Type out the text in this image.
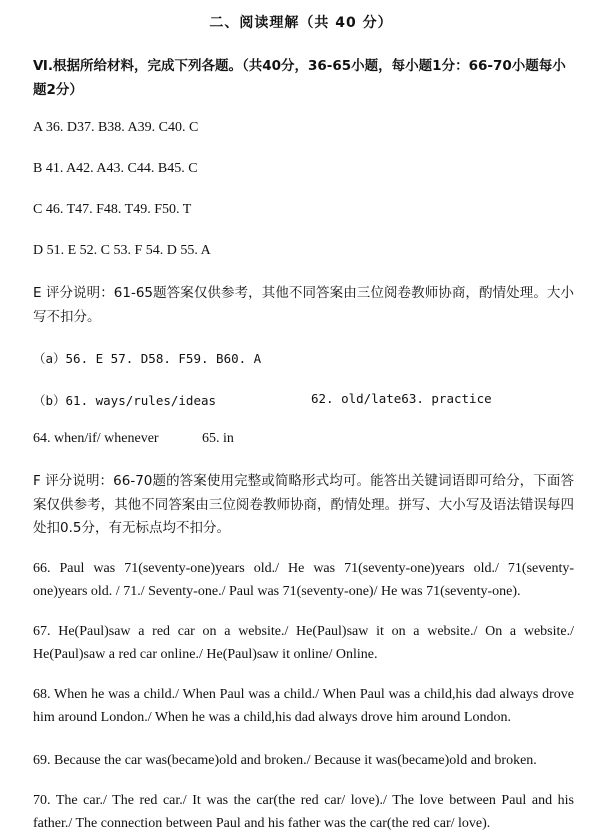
二、阅读理解（共 40 分）
Ⅵ.根据所给材料，完成下列各题。（共40分，36-65小题，每小题1分：66-70小题每小题2分）
A 36. D37. B38. A39. C40. C
B 41. A42. A43. C44. B45. C
C 46. T47. F48. T49. F50. T
D 51. E 52. C 53. F 54. D 55. A
E 评分说明：61-65题答案仅供参考，其他不同答案由三位阅卷教师协商，酌情处理。大小写不扣分。
（a）56. E 57. D58. F59. B60. A
（b）61. ways/rules/ideas	62. old/late63. practice
64. when/if/ whenever	65. in
F 评分说明：66-70题的答案使用完整或简略形式均可。能答出关键词语即可给分，下面答案仅供参考，其他不同答案由三位阅卷教师协商，酌情处理。拼写、大小写及语法错误每四处扣0.5分，有无标点均不扣分。
66. Paul was 71(seventy-one)years old./ He was 71(seventy-one)years old./ 71(seventy-one)years old. / 71./ Seventy-one./ Paul was 71(seventy-one)/ He was 71(seventy-one).
67. He(Paul)saw a red car on a website./ He(Paul)saw it on a website./ On a website./ He(Paul)saw a red car online./ He(Paul)saw it online/ Online.
68. When he was a child./ When Paul was a child./ When Paul was a child,his dad always drove him around London./ When he was a child,his dad always drove him around London.
69. Because the car was(became)old and broken./ Because it was(became)old and broken.
70. The car./ The red car./ It was the car(the red car/ love)./ The love between Paul and his father./ The connection between Paul and his father was the car(the red car/ love).
